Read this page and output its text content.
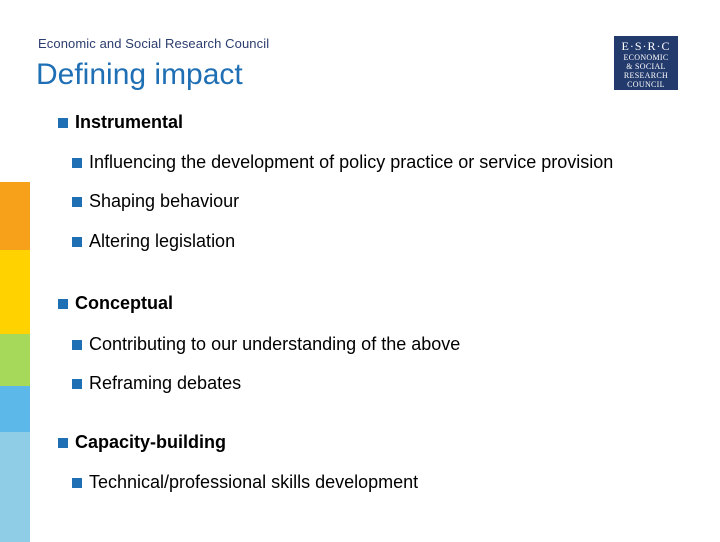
Economic and Social Research Council
Defining impact
E·S·R·C
ECONOMIC
& SOCIAL
RESEARCH
COUNCIL
Instrumental
Influencing the development of policy practice or service provision
Shaping behaviour
Altering legislation
Conceptual
Contributing to our understanding of the above
Reframing debates
Capacity-building
Technical/professional skills development
